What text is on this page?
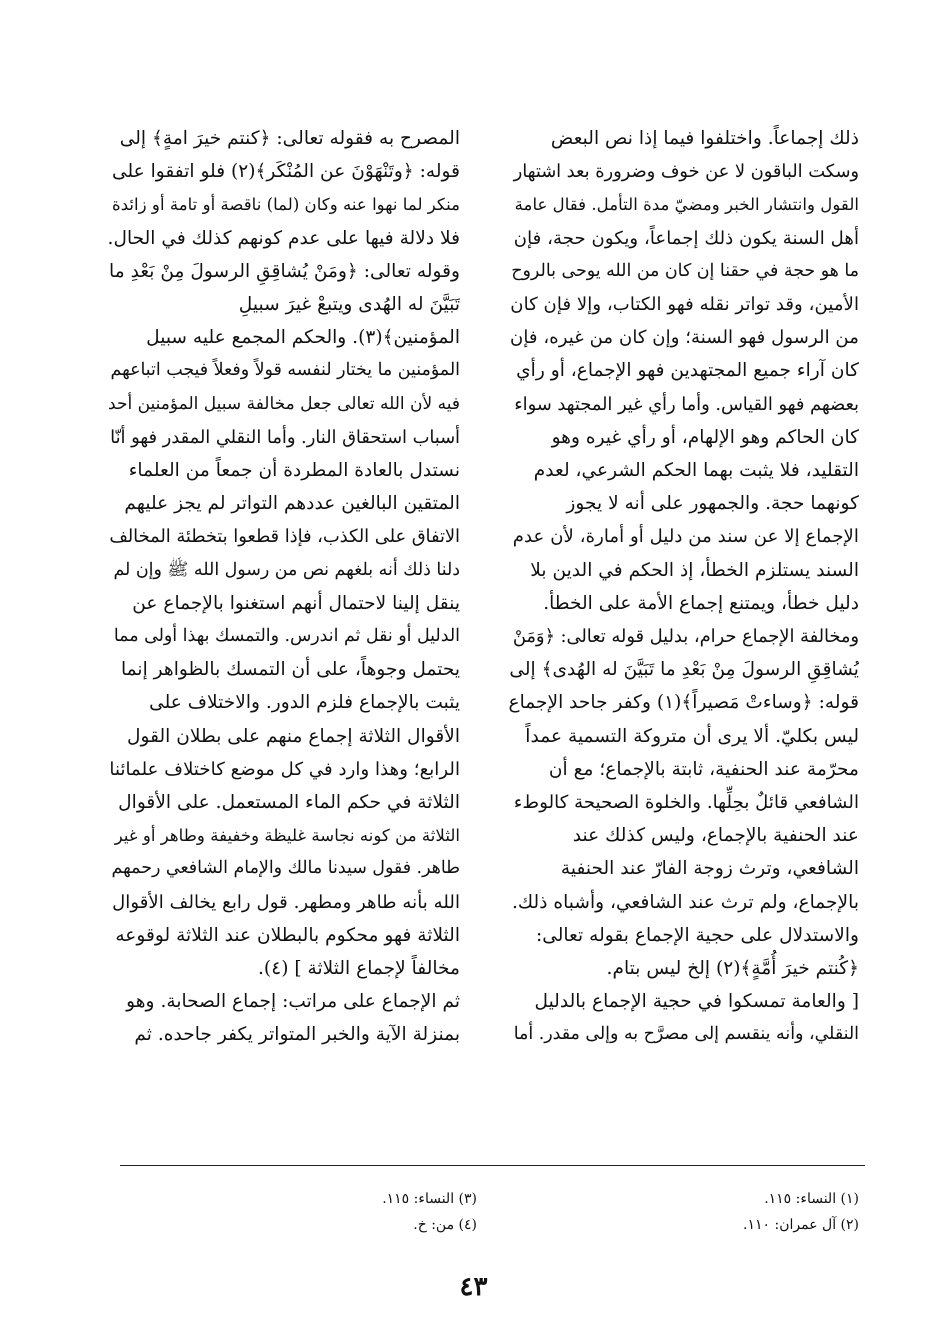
ذلك إجماعاً. واختلفوا فيما إذا نص البعض
وسكت الباقون لا عن خوف وضرورة بعد اشتهار
القول وانتشار الخبر ومضيّ مدة التأمل. فقال عامة
أهل السنة يكون ذلك إجماعاً، ويكون حجة، فإن
ما هو حجة في حقنا إن كان من الله يوحى بالروح
الأمين، وقد تواتر نقله فهو الكتاب، وإلا فإن كان
من الرسول فهو السنة؛ وإن كان من غيره، فإن
كان آراء جميع المجتهدين فهو الإجماع، أو رأي
بعضهم فهو القياس. وأما رأي غير المجتهد سواء
كان الحاكم وهو الإلهام، أو رأي غيره وهو
التقليد، فلا يثبت بهما الحكم الشرعي، لعدم
كونهما حجة. والجمهور على أنه لا يجوز
الإجماع إلا عن سند من دليل أو أمارة، لأن عدم
السند يستلزم الخطأ، إذ الحكم في الدين بلا
دليل خطأ، ويمتنع إجماع الأمة على الخطأ.
ومخالفة الإجماع حرام، بدليل قوله تعالى: ﴿وَمَنْ
يُشاقِقِ الرسولَ مِنْ بَعْدِ ما تَبَيَّنَ له الهُدى﴾ إلى
قوله: ﴿وساءتْ مَصيراً﴾(١) وكفر جاحد الإجماع
ليس بكليّ. ألا يرى أن متروكة التسمية عمداً
محرّمة عند الحنفية، ثابتة بالإجماع؛ مع أن
الشافعي قائلٌ بحِلِّها. والخلوة الصحيحة كالوطء
عند الحنفية بالإجماع، وليس كذلك عند
الشافعي، وترث زوجة الفارّ عند الحنفية
بالإجماع، ولم ترث عند الشافعي، وأشباه ذلك.
والاستدلال على حجية الإجماع بقوله تعالى:
﴿كُنتم خيرَ أُمَّةٍ﴾(٢) إلخ ليس بتام.
[ والعامة تمسكوا في حجية الإجماع بالدليل
النقلي، وأنه ينقسم إلى مصرَّح به وإلى مقدر. أما
المصرح به فقوله تعالى: ﴿كنتم خيرَ امةٍ﴾ إلى
قوله: ﴿وتَنْهَوْنَ عن المُنْكَر﴾(٢) فلو اتفقوا على
منكر لما نهوا عنه وكان (لما) ناقصة أو تامة أو زائدة
فلا دلالة فيها على عدم كونهم كذلك في الحال.
وقوله تعالى: ﴿ومَنْ يُشاقِقِ الرسولَ مِنْ بَعْدِ ما
تَبَيَّنَ له الهُدى ويتبعْ غيرَ سبيلِ
المؤمنين﴾(٣). والحكم المجمع عليه سبيل
المؤمنين ما يختار لنفسه قولاً وفعلاً فيجب اتباعهم
فيه لأن الله تعالى جعل مخالفة سبيل المؤمنين أحد
أسباب استحقاق النار. وأما النقلي المقدر فهو أنّا
نستدل بالعادة المطردة أن جمعاً من العلماء
المتقين البالغين عددهم التواتر لم يجز عليهم
الاتفاق على الكذب، فإذا قطعوا بتخطئة المخالف
دلنا ذلك أنه بلغهم نص من رسول الله ﷺ وإن لم
ينقل إلينا لاحتمال أنهم استغنوا بالإجماع عن
الدليل أو نقل ثم اندرس. والتمسك بهذا أولى مما
يحتمل وجوهاً، على أن التمسك بالظواهر إنما
يثبت بالإجماع فلزم الدور. والاختلاف على
الأقوال الثلاثة إجماع منهم على بطلان القول
الرابع؛ وهذا وارد في كل موضع كاختلاف علمائنا
الثلاثة في حكم الماء المستعمل. على الأقوال
الثلاثة من كونه نجاسة غليظة وخفيفة وطاهر أو غير
طاهر. فقول سيدنا مالك والإمام الشافعي رحمهم
الله بأنه طاهر ومطهر. قول رابع يخالف الأقوال
الثلاثة فهو محكوم بالبطلان عند الثلاثة لوقوعه
مخالفاً لإجماع الثلاثة ] (٤).
ثم الإجماع على مراتب: إجماع الصحابة. وهو
بمنزلة الآية والخبر المتواتر يكفر جاحده. ثم
(١) النساء: ١١٥.
(٢) آل عمران: ١١٠.
(٣) النساء: ١١٥.
(٤) من: خ.
٤٣
